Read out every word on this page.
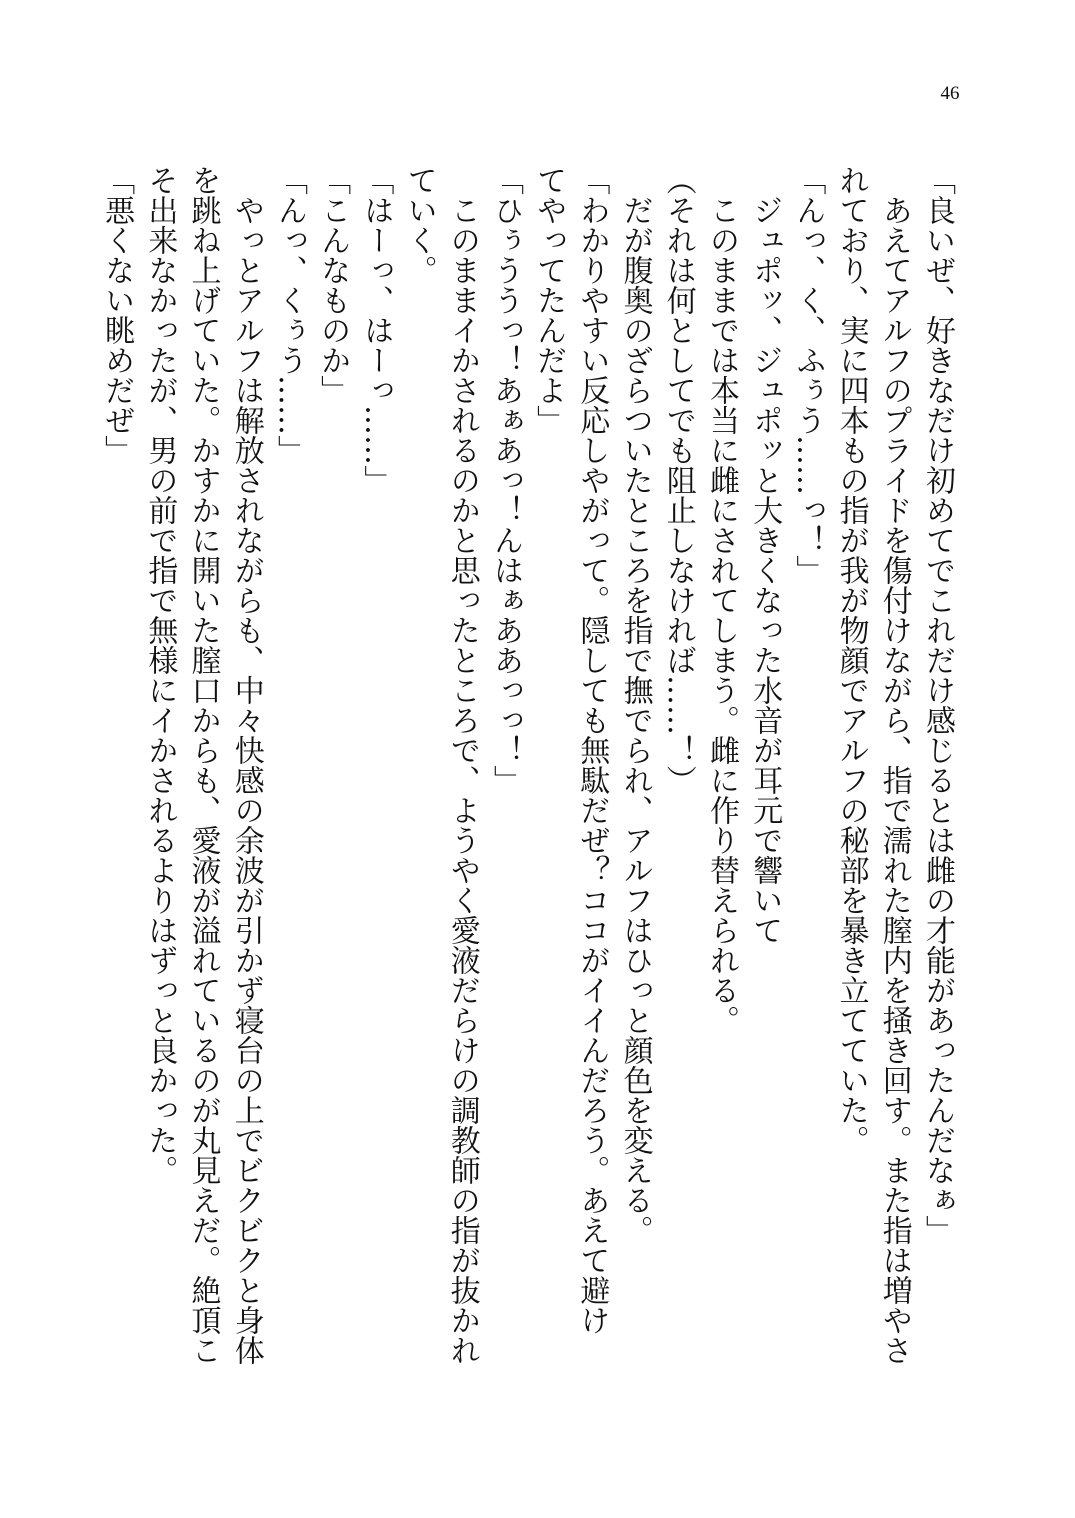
46

「良いぜ、好きなだけ初めてでこれだけ感じるとは雌の才能があったんだなぁ」

　あえてアルフのプライドを傷付けながら、指で濡れた膣内を掻き回す。また指は増やさ

れており、実に四本もの指が我が物顔でアルフの秘部を暴き立てていた。

「んっ、く、ふぅう……っ！」

　ジュポッ、ジュポッと大きくなった水音が耳元で響いて

　このままでは本当に雌にされてしまう。雌に作り替えられる。

（それは何としてでも阻止しなければ……！）

　だが腹奥のざらついたところを指で撫でられ、アルフはひっと顔色を変える。

「わかりやすい反応しやがって。隠しても無駄だぜ？ココがイイんだろう。あえて避け

てやってたんだよ」

「ひぅううっ！あぁあっ！んはぁああっっ！」

　このままイかされるのかと思ったところで、ようやく愛液だらけの調教師の指が抜かれ

ていく。

「はーっ、はーっ……」

「こんなものか」

「んっ、くぅう……」

　やっとアルフは解放されながらも、中々快感の余波が引かず寝台の上でビクビクと身体

を跳ね上げていた。かすかに開いた膣口からも、愛液が溢れているのが丸見えだ。絶頂こ

そ出来なかったが、男の前で指で無様にイかされるよりはずっと良かった。

「悪くない眺めだぜ」
